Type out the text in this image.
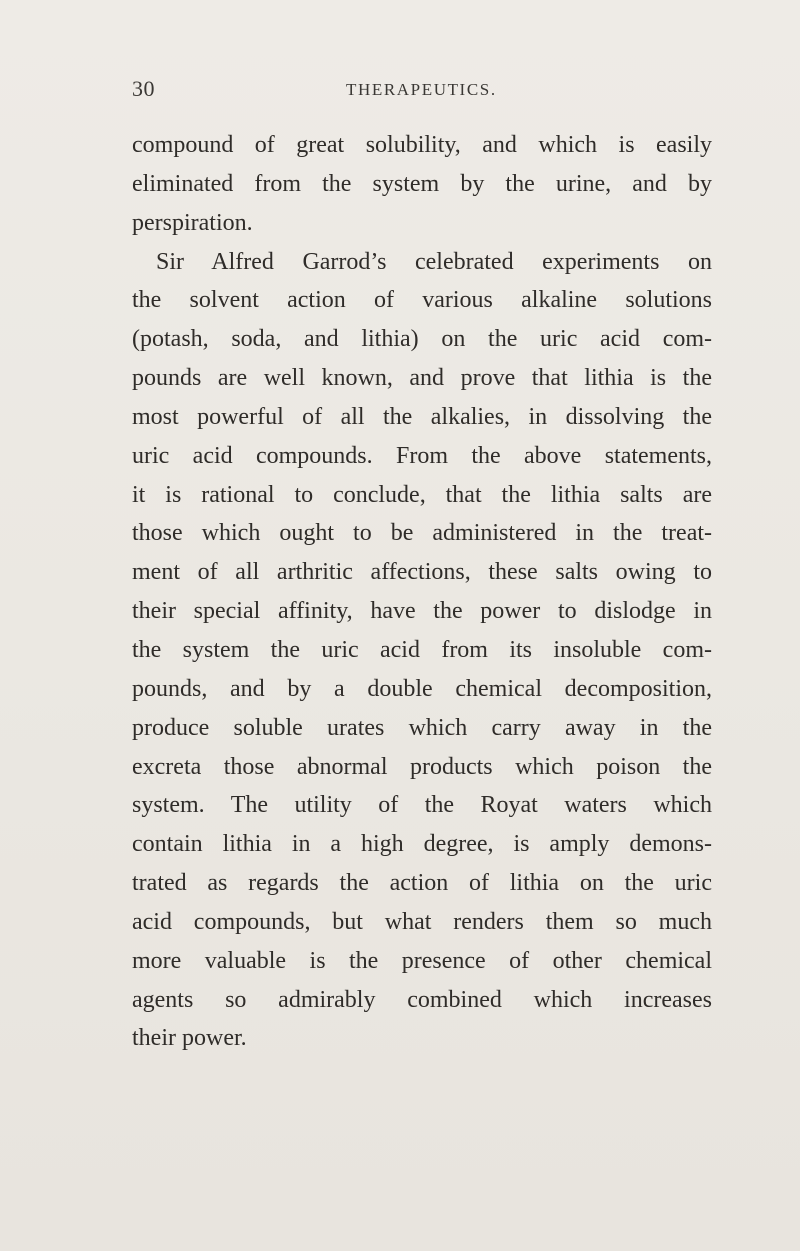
30	THERAPEUTICS.
compound of great solubility, and which is easily
eliminated from the system by the urine, and by
perspiration.
Sir Alfred Garrod’s celebrated experiments on
the solvent action of various alkaline solutions
(potash, soda, and lithia) on the uric acid com-
pounds are well known, and prove that lithia is the
most powerful of all the alkalies, in dissolving the
uric acid compounds. From the above statements,
it is rational to conclude, that the lithia salts are
those which ought to be administered in the treat-
ment of all arthritic affections, these salts owing to
their special affinity, have the power to dislodge in
the system the uric acid from its insoluble com-
pounds, and by a double chemical decomposition,
produce soluble urates which carry away in the
excreta those abnormal products which poison the
system. The utility of the Royat waters which
contain lithia in a high degree, is amply demons-
trated as regards the action of lithia on the uric
acid compounds, but what renders them so much
more valuable is the presence of other chemical
agents so admirably combined which increases
their power.
